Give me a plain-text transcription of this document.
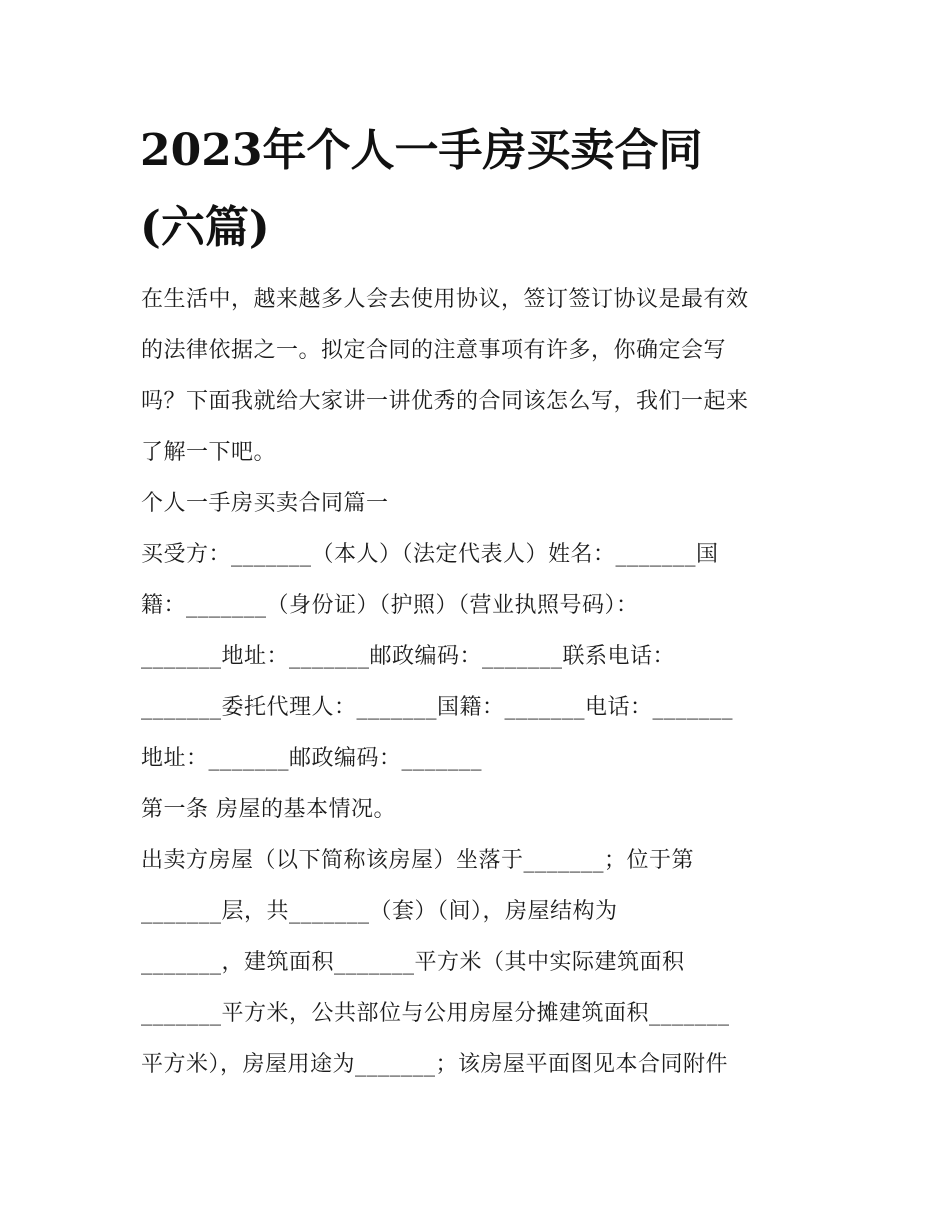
2023年个人一手房买卖合同
(六篇)
在生活中，越来越多人会去使用协议，签订签订协议是最有效
的法律依据之一。拟定合同的注意事项有许多，你确定会写
吗？下面我就给大家讲一讲优秀的合同该怎么写，我们一起来
了解一下吧。
个人一手房买卖合同篇一
买受方：_______（本人）（法定代表人）姓名：_______国
籍：_______（身份证）（护照）（营业执照号码）：
_______地址：_______邮政编码：_______联系电话：
_______委托代理人：_______国籍：_______电话：_______
地址：_______邮政编码：_______
第一条 房屋的基本情况。
出卖方房屋（以下简称该房屋）坐落于_______；位于第
_______层，共_______（套）（间），房屋结构为
_______，建筑面积_______平方米（其中实际建筑面积
_______平方米，公共部位与公用房屋分摊建筑面积_______
平方米），房屋用途为_______；该房屋平面图见本合同附件
